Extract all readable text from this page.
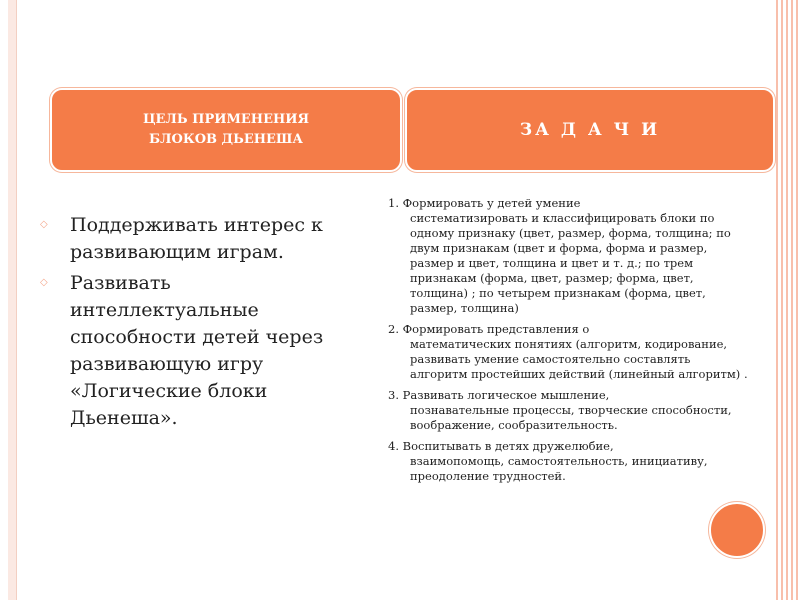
ЦЕЛЬ ПРИМЕНЕНИЯ
БЛОКОВ ДЬЕНЕША	ЗА Д А Ч И
◇ Поддерживать интерес к развивающим играм.
◇ Развивать интеллектуальные способности детей через развивающую игру «Логические блоки Дьенеша».
1. Формировать у детей умение
систематизировать и классифицировать блоки по одному признаку (цвет, размер, форма, толщина; по двум признакам (цвет и форма, форма и размер, размер и цвет, толщина и цвет и т. д.; по трем признакам (форма, цвет, размер; форма, цвет, толщина) ; по четырем признакам (форма, цвет, размер, толщина)
2. Формировать представления о
математических понятиях (алгоритм, кодирование, развивать умение самостоятельно составлять алгоритм простейших действий (линейный алгоритм) .
3. Развивать логическое мышление,
познавательные процессы, творческие способности, воображение, сообразительность.
4. Воспитывать в детях дружелюбие,
взаимопомощь, самостоятельность, инициативу, преодоление трудностей.
